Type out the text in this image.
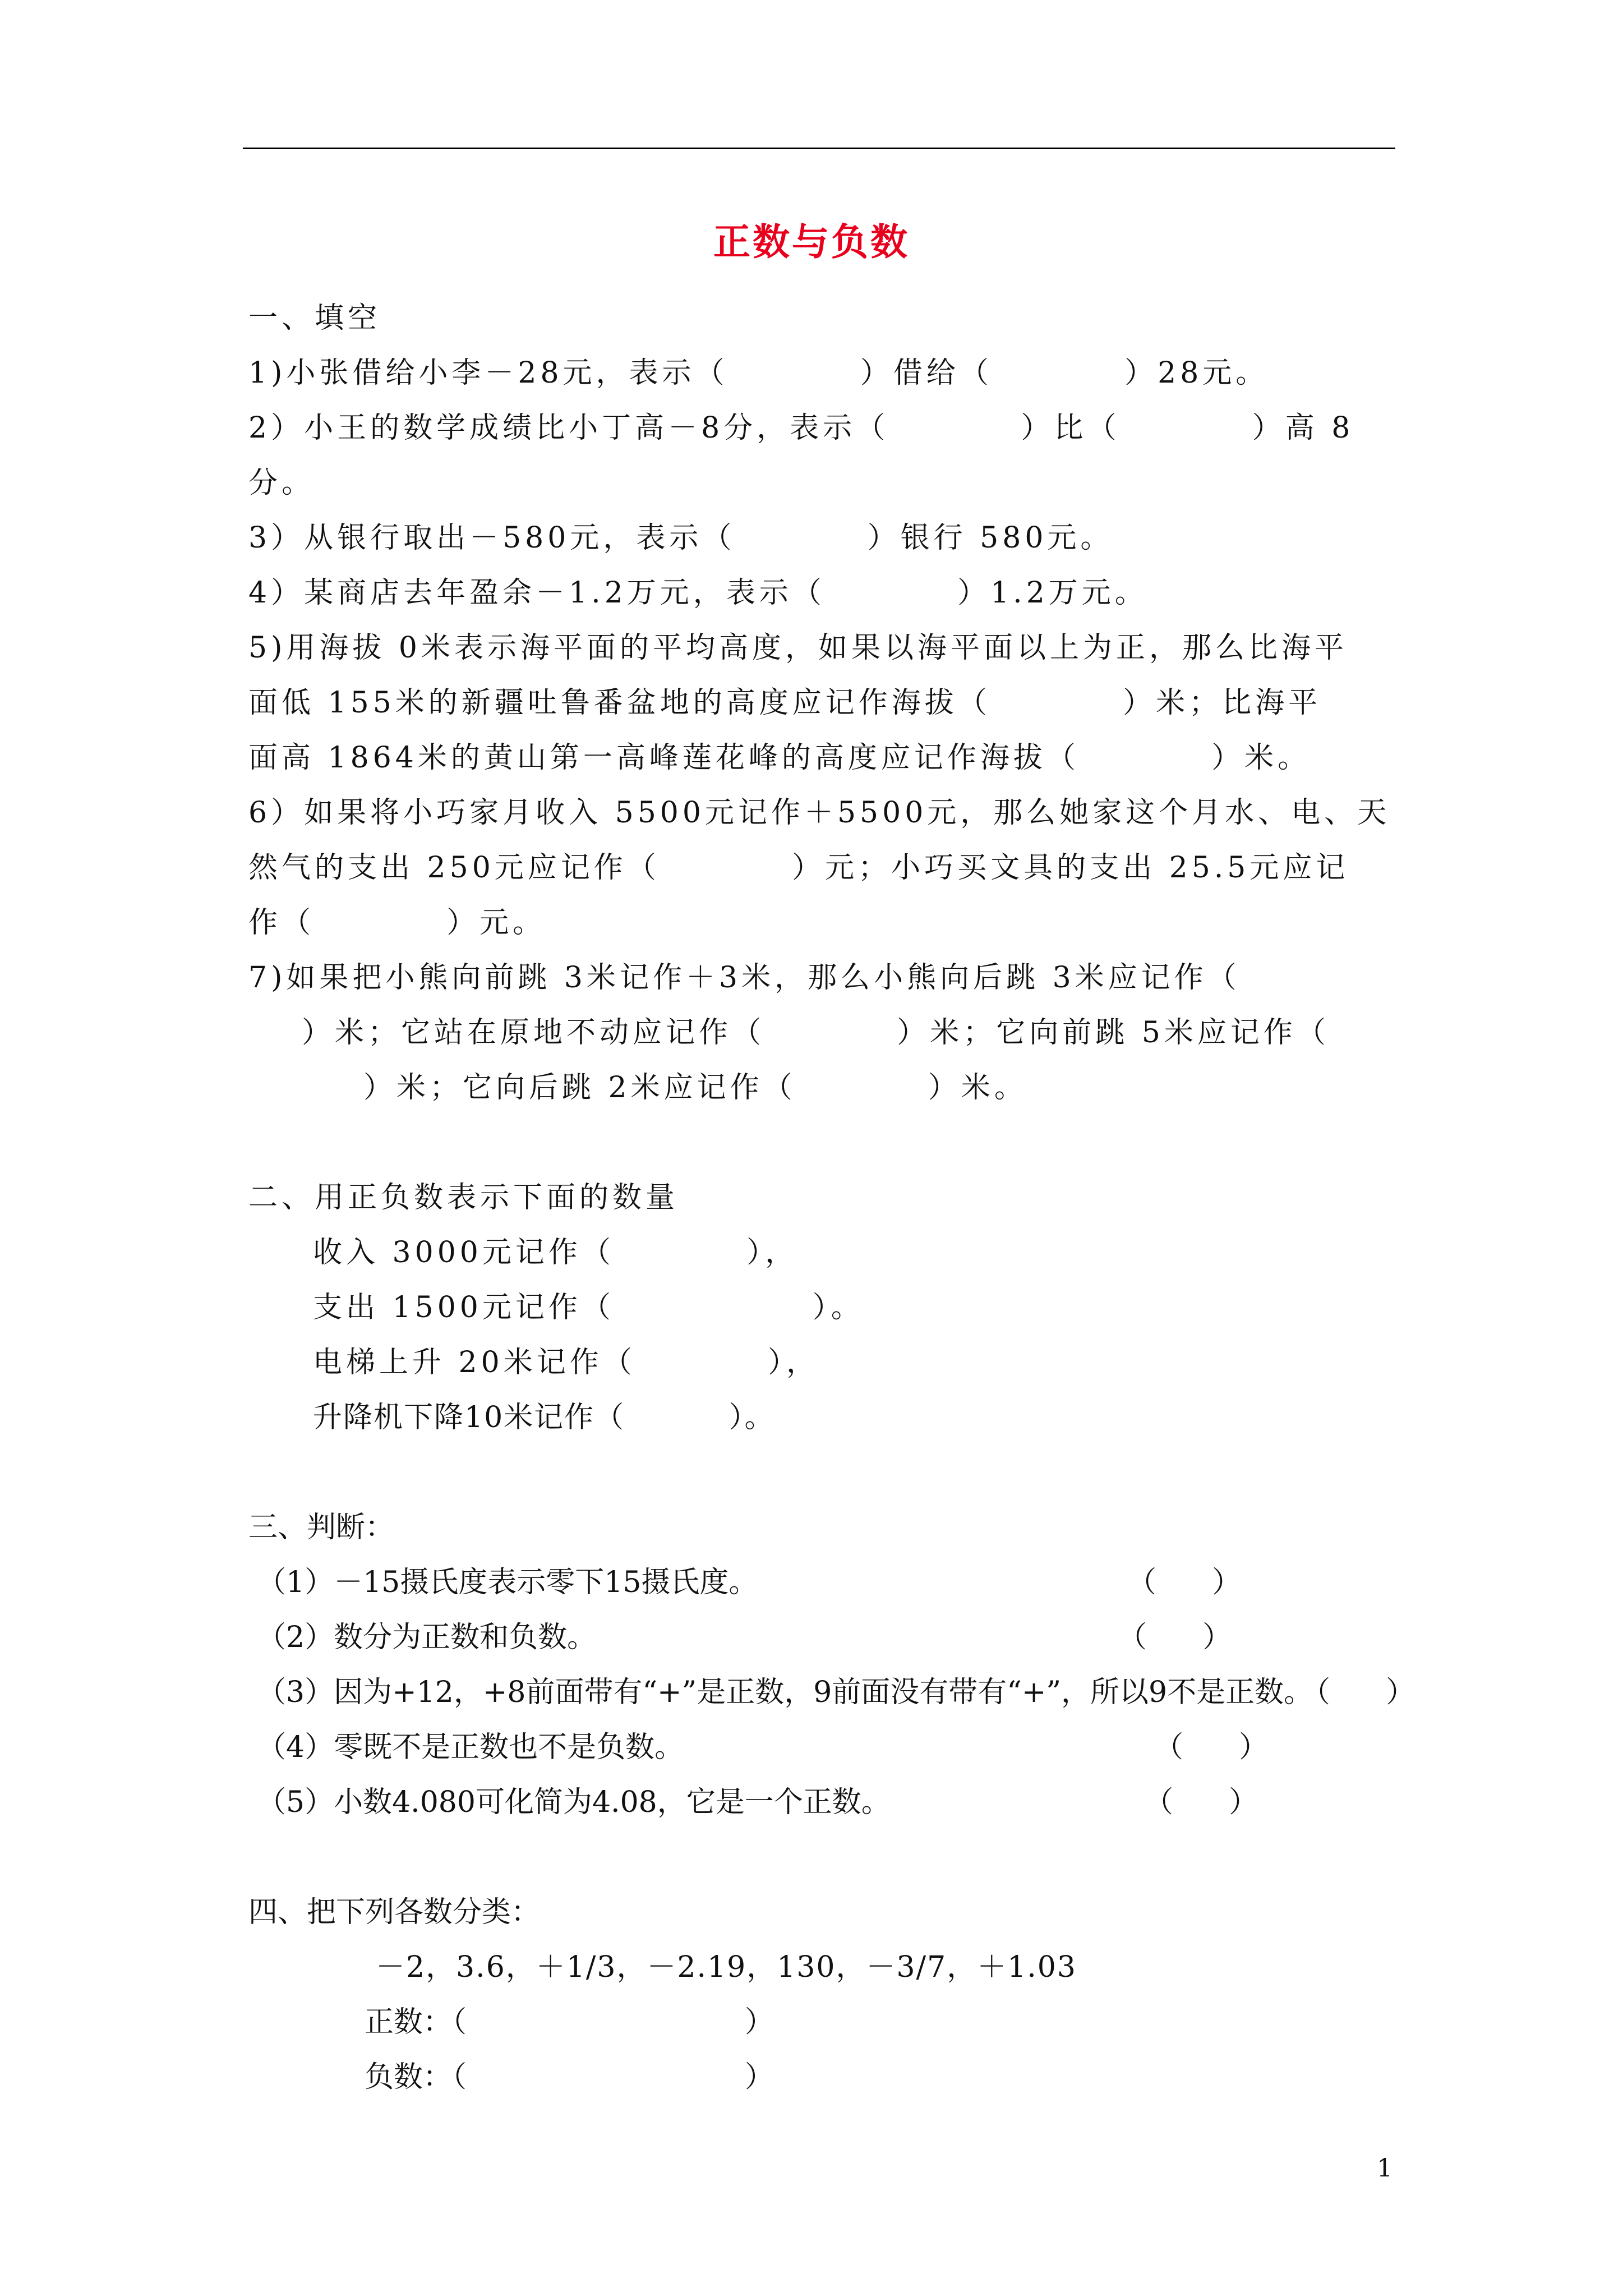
正数与负数
一、填空
1)小张借给小李－28元，表示（          ）借给（          ）28元。
2）小王的数学成绩比小丁高－8分，表示（          ）比（          ）高 8
分。
3）从银行取出－580元，表示（          ）银行 580元。
4）某商店去年盈余－1.2万元，表示（          ）1.2万元。
5)用海拔 0米表示海平面的平均高度，如果以海平面以上为正，那么比海平
面低 155米的新疆吐鲁番盆地的高度应记作海拔（          ）米；比海平
面高 1864米的黄山第一高峰莲花峰的高度应记作海拔（          ）米。
6）如果将小巧家月收入 5500元记作＋5500元，那么她家这个月水、电、天
然气的支出 250元应记作（          ）元；小巧买文具的支出 25.5元应记
作（          ）元。
7)如果把小熊向前跳 3米记作＋3米，那么小熊向后跳 3米应记作（
）米；它站在原地不动应记作（          ）米；它向前跳 5米应记作（
）米；它向后跳 2米应记作（          ）米。
二、用正负数表示下面的数量
收入 3000元记作（          ），
支出 1500元记作（               ）。
电梯上升 20米记作（          ），
升降机下降10米记作（          ）。
三、判断：
（1）－15摄氏度表示零下15摄氏度。	（      ）
（2）数分为正数和负数。	（      ）
（3）因为+12，+8前面带有“+”是正数，9前面没有带有“+”，所以9不是正数。
（      ）
（4）零既不是正数也不是负数。	（      ）
（5）小数4.080可化简为4.08，它是一个正数。	（      ）
四、把下列各数分类：
－2，3.6，＋1/3，－2.19，130，－3/7，＋1.03
正数：（                              ）
负数：（                              ）
1
